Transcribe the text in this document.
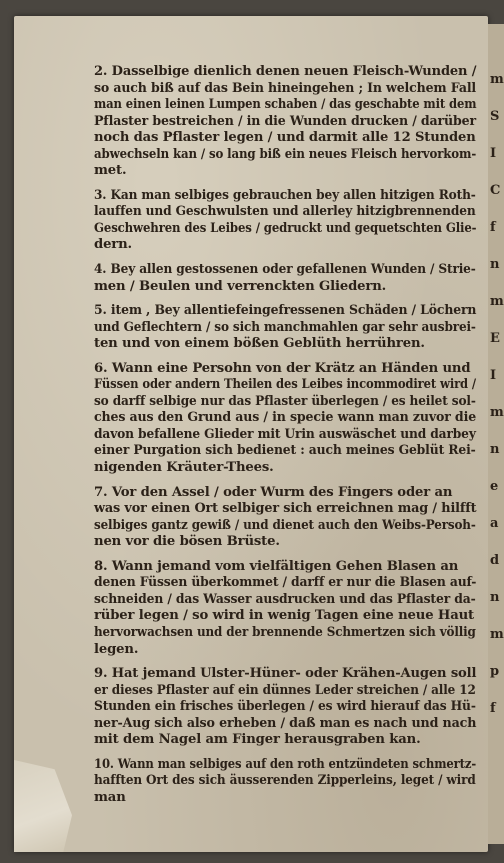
m
S
I
C
f
n
m
E
I
m
n
e
a
d
n
m
p
f
2. Dasselbige dienlich denen neuen Fleisch-Wunden /
so auch biß auf das Bein hineingehen ; In welchem Fall
man einen leinen Lumpen schaben / das geschabte mit dem
Pflaster bestreichen / in die Wunden drucken / darüber
noch das Pflaster legen / und darmit alle 12 Stunden
abwechseln kan / so lang biß ein neues Fleisch hervorkom-
met.
3. Kan man selbiges gebrauchen bey allen hitzigen Roth-
lauffen und Geschwulsten und allerley hitzigbrennenden
Geschwehren des Leibes / gedruckt und gequetschten Glie-
dern.
4. Bey allen gestossenen oder gefallenen Wunden / Strie-
men / Beulen und verrenckten Gliedern.
5. item , Bey allentiefeingefressenen Schäden / Löchern
und Geflechtern / so sich manchmahlen gar sehr ausbrei-
ten und von einem bößen Geblüth herrühren.
6. Wann eine Persohn von der Krätz an Händen und
Füssen oder andern Theilen des Leibes incommodiret wird /
so darff selbige nur das Pflaster überlegen / es heilet sol-
ches aus den Grund aus / in specie wann man zuvor die
davon befallene Glieder mit Urin auswäschet und darbey
einer Purgation sich bedienet : auch meines Geblüt Rei-
nigenden Kräuter-Thees.
7. Vor den Assel / oder Wurm des Fingers oder an
was vor einen Ort selbiger sich erreichnen mag / hilfft
selbiges gantz gewiß / und dienet auch den Weibs-Persoh-
nen vor die bösen Brüste.
8. Wann jemand vom vielfältigen Gehen Blasen an
denen Füssen überkommet / darff er nur die Blasen auf-
schneiden / das Wasser ausdrucken und das Pflaster da-
rüber legen / so wird in wenig Tagen eine neue Haut
hervorwachsen und der brennende Schmertzen sich völlig
legen.
9. Hat jemand Ulster-Hüner- oder Krähen-Augen soll
er dieses Pflaster auf ein dünnes Leder streichen / alle 12
Stunden ein frisches überlegen / es wird hierauf das Hü-
ner-Aug sich also erheben / daß man es nach und nach
mit dem Nagel am Finger herausgraben kan.
10. Wann man selbiges auf den roth entzündeten schmertz-
hafften Ort des sich äusserenden Zipperleins, leget / wird
man
